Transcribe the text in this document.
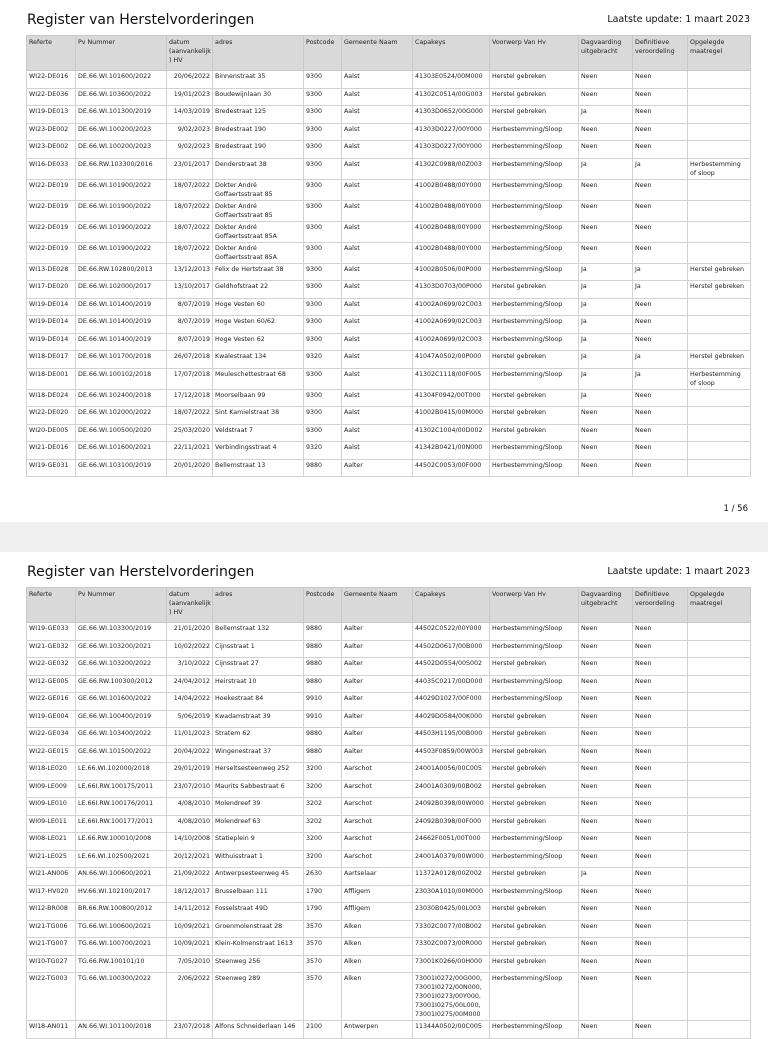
Register van Herstelvorderingen	Laatste update: 1 maart 2023
Referte	Pv Nummer	datum (aanvankelijk ) HV	adres	Postcode	Gemeente Naam	Capakeys	Voorwerp Van Hv	Dagvaarding uitgebracht	Definitieve veroordeling	Opgelegde maatregel
WI22-DE016	DE.66.WI.101600/2022	20/06/2022	Binnenstraat 35	9300	Aalst	41303E0524/00M000	Herstel gebreken	Neen	Neen	
WI22-DE036	DE.66.WI.103600/2022	19/01/2023	Boudewijnlaan 30	9300	Aalst	41302C0514/00G003	Herstel gebreken	Neen	Neen	
WI19-DE013	DE.66.WI.101300/2019	14/03/2019	Bredestraat 125	9300	Aalst	41303D0652/00G000	Herstel gebreken	Ja	Neen	
WI23-DE002	DE.66.WI.100200/2023	9/02/2023	Bredestraat 190	9300	Aalst	41303D0227/00Y000	Herbestemming/Sloop	Neen	Neen	
WI23-DE002	DE.66.WI.100200/2023	9/02/2023	Bredestraat 190	9300	Aalst	41303D0227/00Y000	Herbestemming/Sloop	Neen	Neen	
WI16-DE033	DE.66.RW.103300/2016	23/01/2017	Denderstraat 38	9300	Aalst	41302C0988/00Z003	Herbestemming/Sloop	Ja	Ja	Herbestemming of sloop
WI22-DE019	DE.66.WI.101900/2022	18/07/2022	Dokter André Goffaertsstraat 85	9300	Aalst	41002B0488/00Y000	Herbestemming/Sloop	Neen	Neen	
WI22-DE019	DE.66.WI.101900/2022	18/07/2022	Dokter André Goffaertsstraat 85	9300	Aalst	41002B0488/00Y000	Herbestemming/Sloop	Neen	Neen	
WI22-DE019	DE.66.WI.101900/2022	18/07/2022	Dokter André Goffaertsstraat 85A	9300	Aalst	41002B0488/00Y000	Herbestemming/Sloop	Neen	Neen	
WI22-DE019	DE.66.WI.101900/2022	18/07/2022	Dokter André Goffaertsstraat 85A	9300	Aalst	41002B0488/00Y000	Herbestemming/Sloop	Neen	Neen	
WI13-DE028	DE.66.RW.102800/2013	13/12/2013	Felix de Hertstraat 38	9300	Aalst	41002B0506/00P000	Herbestemming/Sloop	Ja	Ja	Herstel gebreken
WI17-DE020	DE.66.WI.102000/2017	13/10/2017	Geldhofstraat 22	9300	Aalst	41303D0703/00P000	Herstel gebreken	Ja	Ja	Herstel gebreken
WI19-DE014	DE.66.WI.101400/2019	8/07/2019	Hoge Vesten 60	9300	Aalst	41002A0699/02C003	Herbestemming/Sloop	Ja	Neen	
WI19-DE014	DE.66.WI.101400/2019	8/07/2019	Hoge Vesten 60/62	9300	Aalst	41002A0699/02C003	Herbestemming/Sloop	Ja	Neen	
WI19-DE014	DE.66.WI.101400/2019	8/07/2019	Hoge Vesten 62	9300	Aalst	41002A0699/02C003	Herbestemming/Sloop	Ja	Neen	
WI18-DE017	DE.66.WI.101700/2018	26/07/2018	Kwalestraat 134	9320	Aalst	41047A0502/00P000	Herstel gebreken	Ja	Ja	Herstel gebreken
WI18-DE001	DE.66.WI.100102/2018	17/07/2018	Meuleschettestraat 68	9300	Aalst	41302C1118/00F005	Herbestemming/Sloop	Ja	Ja	Herbestemming of sloop
WI18-DE024	DE.66.WI.102400/2018	17/12/2018	Moorselbaan 99	9300	Aalst	41304F0942/00T000	Herstel gebreken	Ja	Neen	
WI22-DE020	DE.66.WI.102000/2022	18/07/2022	Sint Kamielstraat 38	9300	Aalst	41002B0415/00M000	Herstel gebreken	Neen	Neen	
WI20-DE005	DE.66.WI.100500/2020	25/03/2020	Veldstraat 7	9300	Aalst	41302C1004/00D002	Herstel gebreken	Neen	Neen	
WI21-DE016	DE.66.WI.101600/2021	22/11/2021	Verbindingsstraat 4	9320	Aalst	41342B0421/00N000	Herbestemming/Sloop	Neen	Neen	
WI19-GE031	GE.66.WI.103100/2019	20/01/2020	Bellemstraat 13	9880	Aalter	44502C0053/00F000	Herbestemming/Sloop	Neen	Neen	
1 / 56
Register van Herstelvorderingen	Laatste update: 1 maart 2023
Referte	Pv Nummer	datum (aanvankelijk ) HV	adres	Postcode	Gemeente Naam	Capakeys	Voorwerp Van Hv	Dagvaarding uitgebracht	Definitieve veroordeling	Opgelegde maatregel
WI19-GE033	GE.66.WI.103300/2019	21/01/2020	Bellemstraat 132	9880	Aalter	44502C0522/00Y000	Herbestemming/Sloop	Neen	Neen	
WI21-GE032	GE.66.WI.103200/2021	10/02/2022	Cijnsstraat 1	9880	Aalter	44502D0617/00B000	Herbestemming/Sloop	Neen	Neen	
WI22-GE032	GE.66.WI.103200/2022	3/10/2022	Cijnsstraat 27	9880	Aalter	44502D0554/00S002	Herstel gebreken	Neen	Neen	
WI12-GE005	GE.66.RW.100300/2012	24/04/2012	Heirstraat 10	9880	Aalter	44035C0217/00D000	Herbestemming/Sloop	Neen	Neen	
WI22-GE016	GE.66.WI.101600/2022	14/04/2022	Hoekestraat 84	9910	Aalter	44029D1027/00F000	Herbestemming/Sloop	Neen	Neen	
WI19-GE004	GE.66.WI.100400/2019	5/06/2019	Kwadamstraat 39	9910	Aalter	44029D0584/00K000	Herstel gebreken	Neen	Neen	
WI22-GE034	GE.66.WI.103400/2022	11/01/2023	Stratem 62	9880	Aalter	44503H1195/00B000	Herstel gebreken	Neen	Neen	
WI22-GE015	GE.66.WI.101500/2022	20/04/2022	Wingenestraat 37	9880	Aalter	44503F0859/00W003	Herstel gebreken	Neen	Neen	
WI18-LE020	LE.66.WI.102000/2018	29/01/2019	Herseltsesteenweg 252	3200	Aarschot	24001A0056/00C005	Herstel gebreken	Neen	Neen	
WI09-LE009	LE.66I.RW.100175/2011	23/07/2010	Maurits Sabbestraat 6	3200	Aarschot	24001A0309/00B002	Herstel gebreken	Neen	Neen	
WI09-LE010	LE.66I.RW.100176/2011	4/08/2010	Molendreef 39	3202	Aarschot	24092B0398/00W000	Herstel gebreken	Neen	Neen	
WI09-LE011	LE.66I.RW.100177/2011	4/08/2010	Molendreef 63	3202	Aarschot	24092B0398/00F000	Herstel gebreken	Neen	Neen	
WI08-LE021	LE.66.RW.100010/2008	14/10/2008	Statieplein 9	3200	Aarschot	24662F0051/00T000	Herbestemming/Sloop	Neen	Neen	
WI21-LE025	LE.66.WI.102500/2021	20/12/2021	Withuisstraat 1	3200	Aarschot	24001A0379/00W000	Herbestemming/Sloop	Neen	Neen	
WI21-AN006	AN.66.WI.100600/2021	21/09/2022	Antwerpsesteenweg 45	2630	Aartselaar	11372A0128/00Z002	Herstel gebreken	Ja	Neen	
WI17-HV020	HV.66.WI.102100/2017	18/12/2017	Brusselbaan 111	1790	Affligem	23030A1010/00M000	Herbestemming/Sloop	Neen	Neen	
WI12-BR008	BR.66.RW.100800/2012	14/11/2012	Fosselstraat 49D	1790	Affligem	23030B0425/00L003	Herstel gebreken	Neen	Neen	
WI21-TG006	TG.66.WI.100600/2021	10/09/2021	Groenmolenstraat 28	3570	Alken	73302C0077/00B002	Herstel gebreken	Neen	Neen	
WI21-TG007	TG.66.WI.100700/2021	10/09/2021	Klein-Kolmenstraat 1613	3570	Alken	73302C0073/00R000	Herstel gebreken	Neen	Neen	
WI10-TG027	TG.66.RW.100101/10	7/05/2010	Steenweg 256	3570	Alken	73001K0266/00H000	Herstel gebreken	Neen	Neen	
WI22-TG003	TG.66.WI.100300/2022	2/06/2022	Steenweg 289	3570	Alken	73001I0272/00G000, 73001I0272/00N000, 73001I0273/00Y000, 73001I0275/00L000, 73001I0275/00M000	Herbestemming/Sloop	Neen	Neen	
WI18-AN011	AN.66.WI.101100/2018	23/07/2018	Alfons Schneiderlaan 146	2100	Antwerpen	11344A0502/00C005	Herbestemming/Sloop	Neen	Neen	
